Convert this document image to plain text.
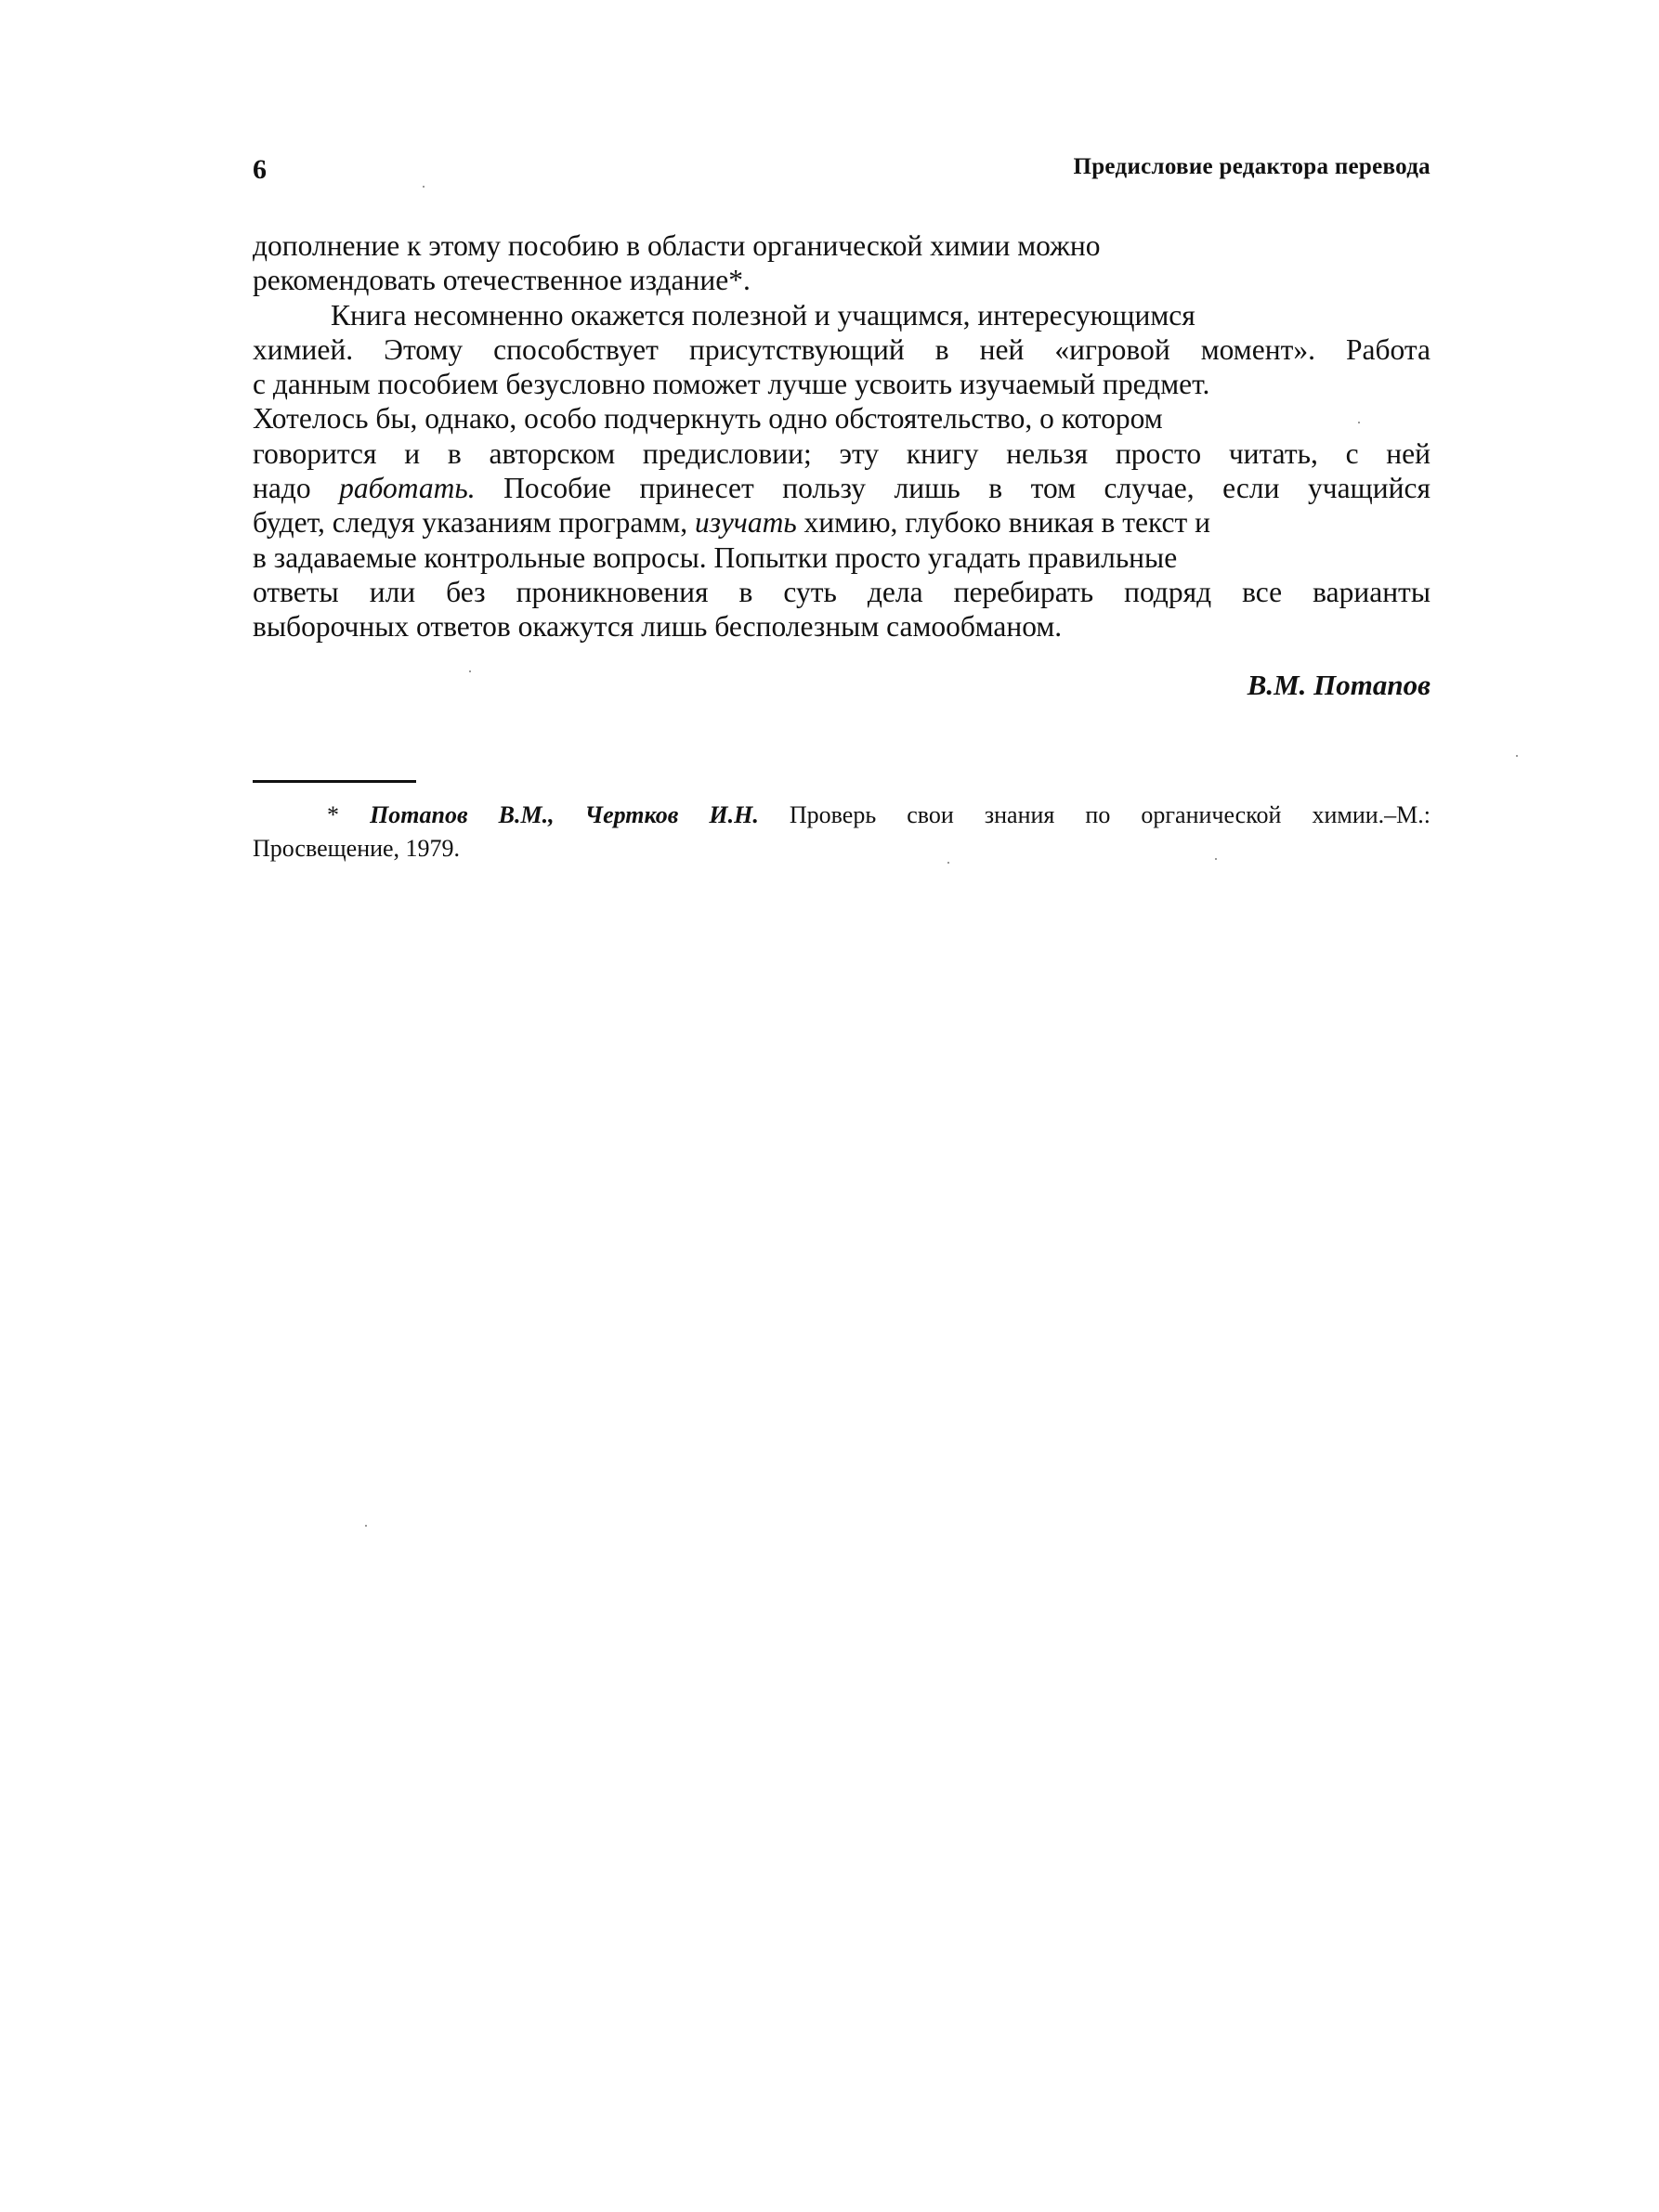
6	Предисловие редактора перевода
дополнение к этому пособию в области органической химии можно
рекомендовать отечественное издание*.
Книга несомненно окажется полезной и учащимся, интересующимся
химией. Этому способствует присутствующий в ней «игровой момент». Работа
с данным пособием безусловно поможет лучше усвоить изучаемый предмет.
Хотелось бы, однако, особо подчеркнуть одно обстоятельство, о котором
говорится и в авторском предисловии; эту книгу нельзя просто читать, с ней
надо работать. Пособие принесет пользу лишь в том случае, если учащийся
будет, следуя указаниям программ, изучать химию, глубоко вникая в текст и
в задаваемые контрольные вопросы. Попытки просто угадать правильные
ответы или без проникновения в суть дела перебирать подряд все варианты
выборочных ответов окажутся лишь бесполезным самообманом.
В.М. Потапов
* Потапов В.М., Чертков И.Н. Проверь свои знания по органической химии.–М.:
Просвещение, 1979.
